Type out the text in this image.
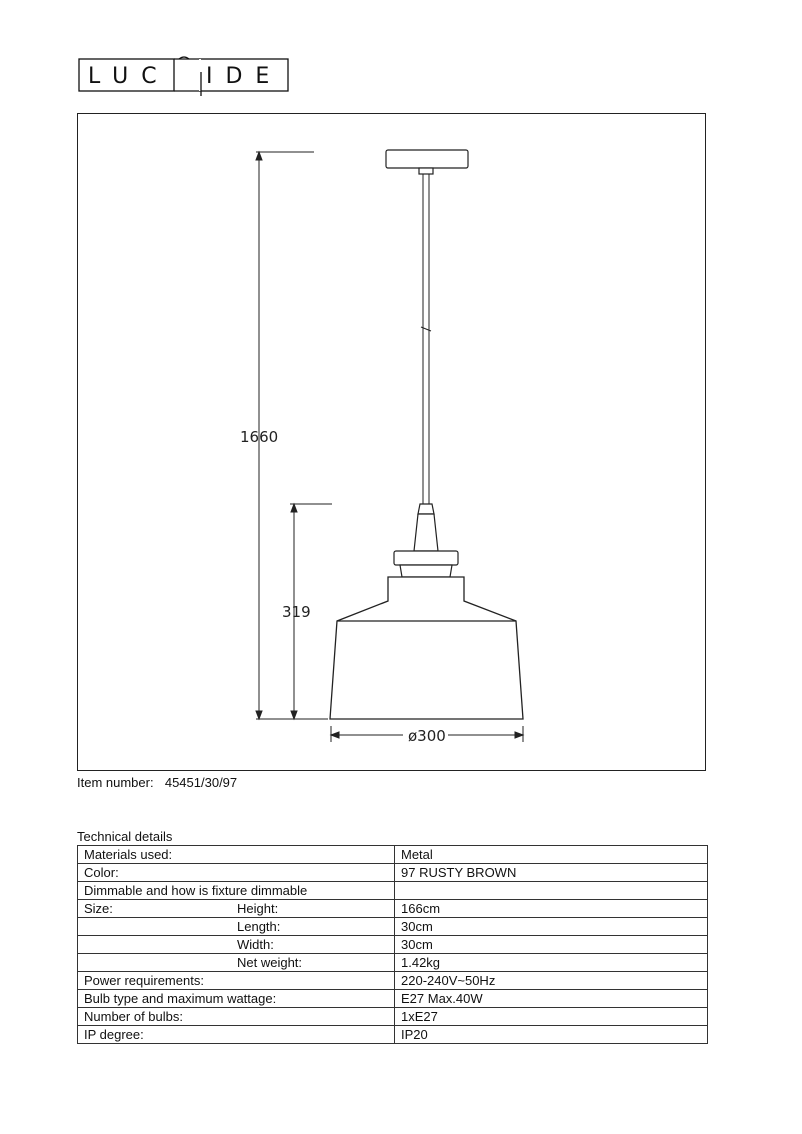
LUC IDE
1660
319
ø300
Item number: 45451/30/97
Technical details
Materials used:	Metal
Color:	97 RUSTY BROWN
Dimmable and how is fixture dimmable	
Size: Height:	166cm
Length:	30cm
Width:	30cm
Net weight:	1.42kg
Power requirements:	220-240V~50Hz
Bulb type and maximum wattage:	E27 Max.40W
Number of bulbs:	1xE27
IP degree:	IP20
